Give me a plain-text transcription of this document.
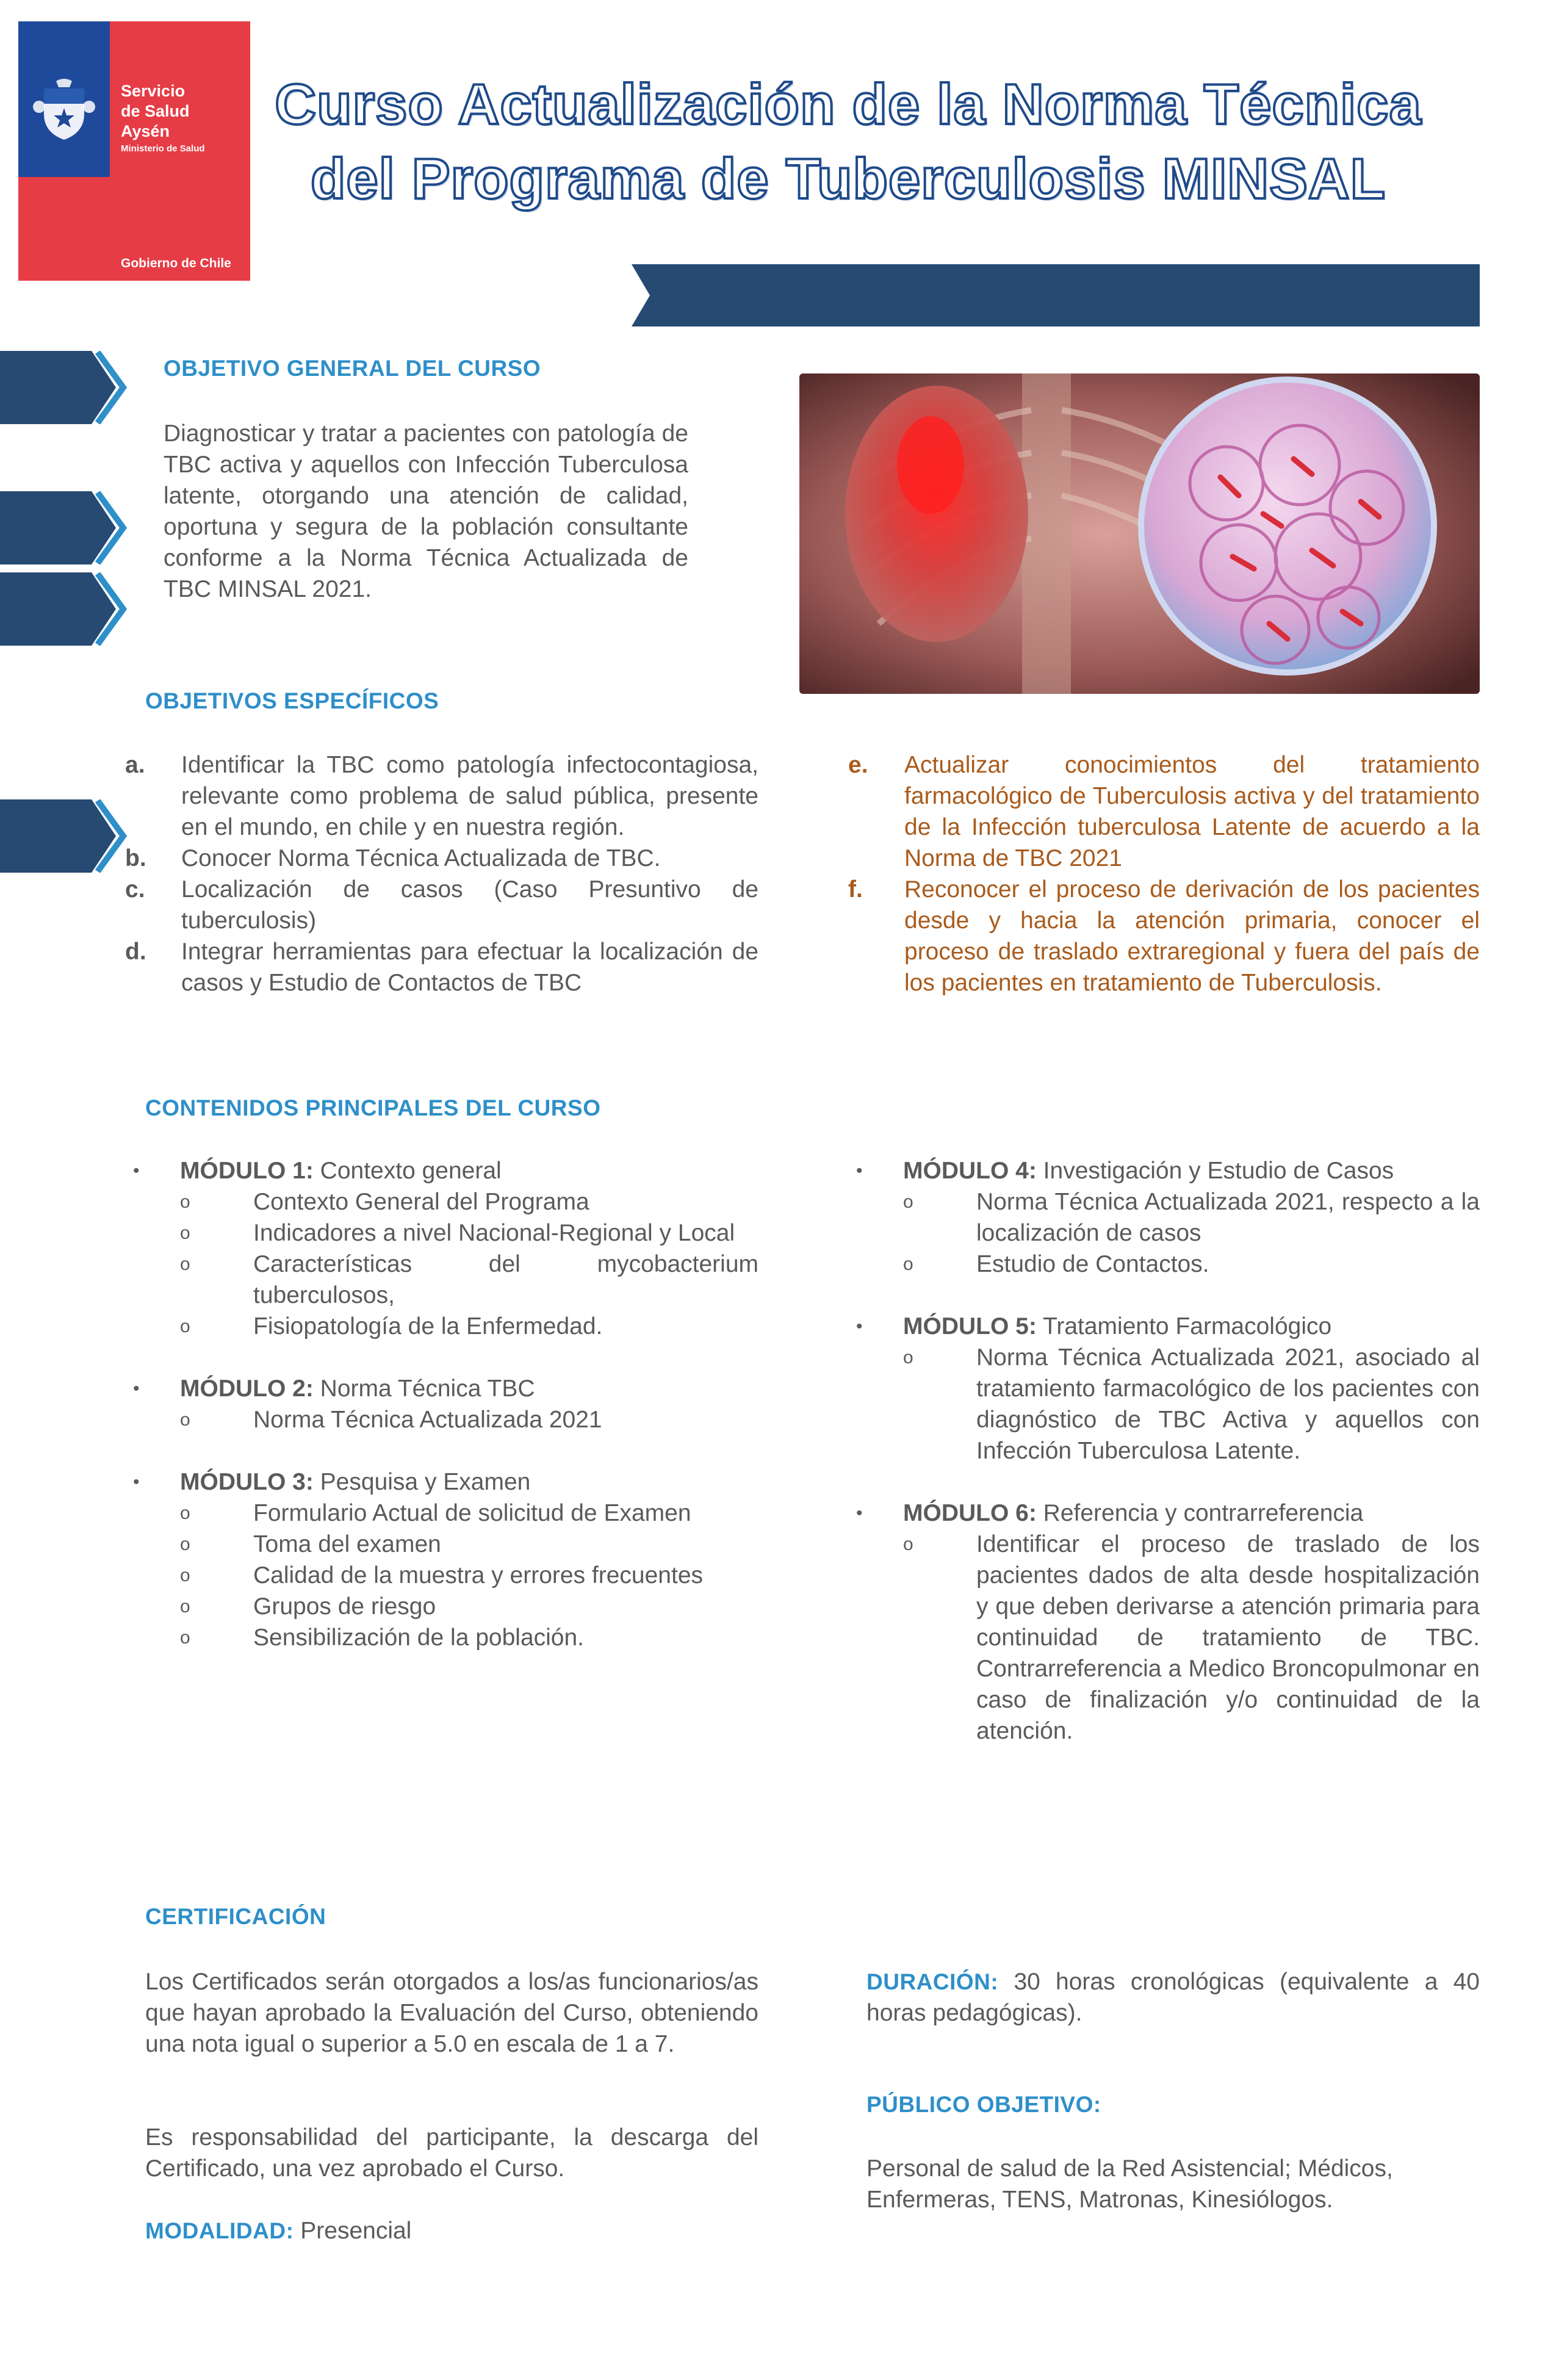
Servicio
de Salud
Aysén
Ministerio de Salud
Gobierno de Chile
Curso Actualización de la Norma Técnica
del Programa de Tuberculosis MINSAL
OBJETIVO GENERAL DEL CURSO
Diagnosticar y tratar a pacientes con patología de TBC activa y aquellos con Infección Tuberculosa latente, otorgando una atención de calidad, oportuna y segura de la población consultante conforme a la Norma Técnica Actualizada de TBC MINSAL 2021.
OBJETIVOS ESPECÍFICOS
a. Identificar la TBC como patología infectocontagiosa, relevante como problema de salud pública, presente en el mundo, en chile y en nuestra región.
b. Conocer Norma Técnica Actualizada de TBC.
c. Localización de casos (Caso Presuntivo de tuberculosis)
d. Integrar herramientas para efectuar la localización de casos y Estudio de Contactos de TBC
e. Actualizar conocimientos del tratamiento farmacológico de Tuberculosis activa y del tratamiento de la Infección tuberculosa Latente de acuerdo a la Norma de TBC 2021
f. Reconocer el proceso de derivación de los pacientes desde y hacia la atención primaria, conocer el proceso de traslado extraregional y fuera del país de los pacientes en tratamiento de Tuberculosis.
CONTENIDOS PRINCIPALES DEL CURSO
• MÓDULO 1: Contexto general
o	Contexto General del Programa
o	Indicadores a nivel Nacional-Regional y Local
o	Características del mycobacterium tuberculosos,
o	Fisiopatología de la Enfermedad.
• MÓDULO 2: Norma Técnica TBC
o	Norma Técnica Actualizada 2021
• MÓDULO 3: Pesquisa y Examen
o	Formulario Actual de solicitud de Examen
o	Toma del examen
o	Calidad de la muestra y errores frecuentes
o	Grupos de riesgo
o	Sensibilización de la población.
• MÓDULO 4: Investigación y Estudio de Casos
o	Norma Técnica Actualizada 2021, respecto a la localización de casos
o	Estudio de Contactos.
• MÓDULO 5: Tratamiento Farmacológico
o	Norma Técnica Actualizada 2021, asociado al tratamiento farmacológico de los pacientes con diagnóstico de TBC Activa y aquellos con Infección Tuberculosa Latente.
• MÓDULO 6: Referencia y contrarreferencia
o	Identificar el proceso de traslado de los pacientes dados de alta desde hospitalización y que deben derivarse a atención primaria para continuidad de tratamiento de TBC. Contrarreferencia a Medico Broncopulmonar en caso de finalización y/o continuidad de la atención.
CERTIFICACIÓN
Los Certificados serán otorgados a los/as funcionarios/as que hayan aprobado la Evaluación del Curso, obteniendo una nota igual o superior a 5.0 en escala de 1 a 7.
Es responsabilidad del participante, la descarga del Certificado, una vez aprobado el Curso.
MODALIDAD: Presencial
DURACIÓN: 30 horas cronológicas (equivalente a 40 horas pedagógicas).
PÚBLICO OBJETIVO:
Personal de salud de la Red Asistencial; Médicos, Enfermeras, TENS, Matronas, Kinesiólogos.
